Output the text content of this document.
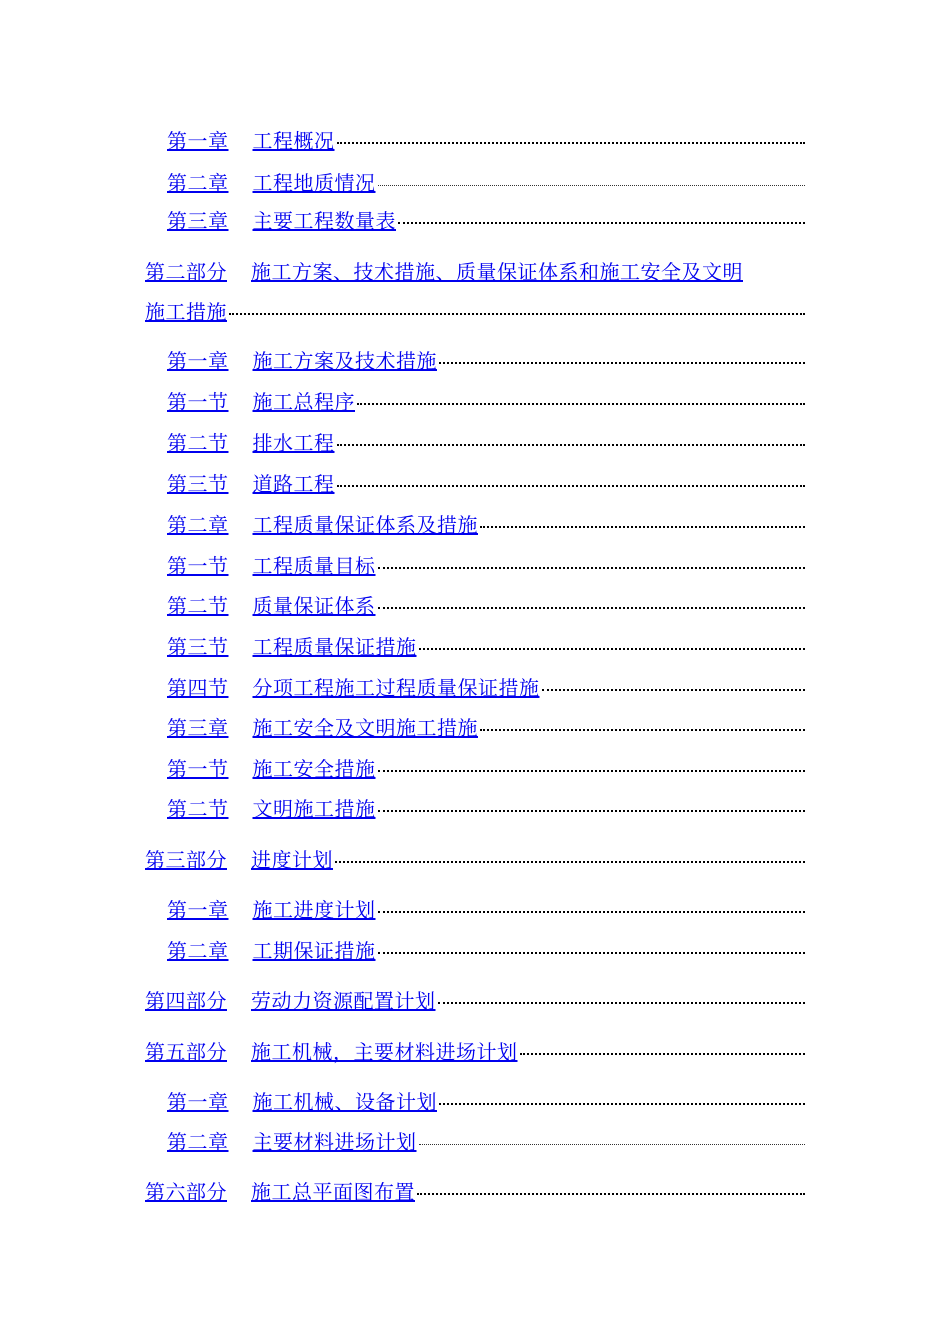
第一章 工程概况
第二章 工程地质情况
第三章 主要工程数量表
第二部分 施工方案、技术措施、质量保证体系和施工安全及文明
施工措施
第一章 施工方案及技术措施
第一节 施工总程序
第二节 排水工程
第三节 道路工程
第二章 工程质量保证体系及措施
第一节 工程质量目标
第二节 质量保证体系
第三节 工程质量保证措施
第四节 分项工程施工过程质量保证措施
第三章 施工安全及文明施工措施
第一节 施工安全措施
第二节 文明施工措施
第三部分 进度计划
第一章 施工进度计划
第二章 工期保证措施
第四部分 劳动力资源配置计划
第五部分 施工机械，主要材料进场计划
第一章 施工机械、设备计划
第二章 主要材料进场计划
第六部分 施工总平面图布置
